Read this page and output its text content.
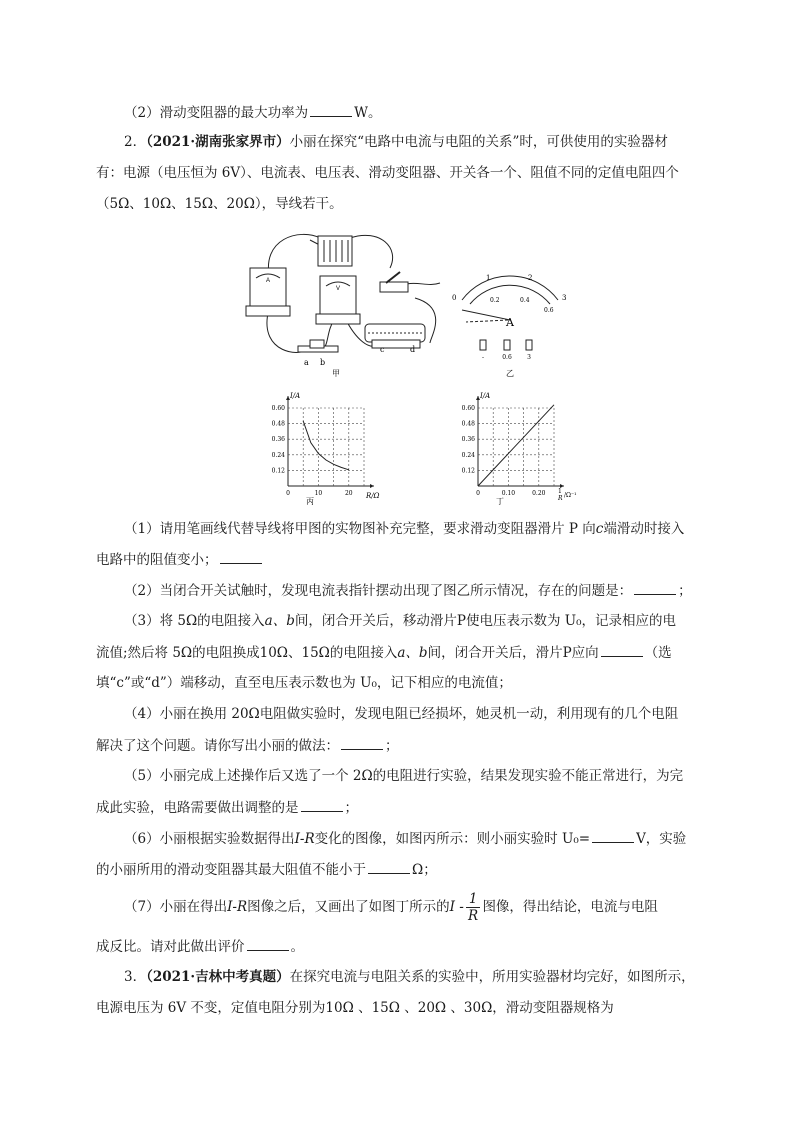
（2）滑动变阻器的最大功率为	W。
2．（2021·湖南张家界市）小丽在探究“电路中电流与电阻的关系”时，可供使用的实验器材
有：电源（电压恒为 6V）、电流表、电压表、滑动变阻器、开关各一个、阻值不同的定值电阻四个
（5Ω、10Ω、15Ω、20Ω），导线若干。
A
V
a b
c	d
甲
0
1	2
3
0.2	0.4
0.6
A
-	0.6	3
乙
0.60
0.48
0.36
0.24
0.12
0	10	20
I/A
R/Ω
丙
0.60
0.48
0.36
0.24
0.12
0	0.10	0.20
I/A
1
R /Ω⁻¹
丁
（1）请用笔画线代替导线将甲图的实物图补充完整，要求滑动变阻器滑片 P 向c端滑动时接入
电路中的阻值变小；
（2）当闭合开关试触时，发现电流表指针摆动出现了图乙所示情况，存在的问题是：	；
（3）将 5Ω的电阻接入a、b间，闭合开关后，移动滑片P使电压表示数为 U₀，记录相应的电
流值;然后将 5Ω的电阻换成10Ω、15Ω的电阻接入a、b间，闭合开关后，滑片P应向	（选
填“c”或“d”）端移动，直至电压表示数也为 U₀，记下相应的电流值；
（4）小丽在换用 20Ω电阻做实验时，发现电阻已经损坏，她灵机一动，利用现有的几个电阻
解决了这个问题。请你写出小丽的做法：	；
（5）小丽完成上述操作后又选了一个 2Ω的电阻进行实验，结果发现实验不能正常进行，为完
成此实验，电路需要做出调整的是	；
（6）小丽根据实验数据得出I-R变化的图像，如图丙所示：则小丽实验时 U₀=	V，实验
的小丽所用的滑动变阻器其最大阻值不能小于	Ω；
（7）小丽在得出I-R图像之后，又画出了如图丁所示的I - $\frac{1}{R}$ 图像，得出结论，电流与电阻
成反比。请对此做出评价	。
3．（2021·吉林中考真题）在探究电流与电阻关系的实验中，所用实验器材均完好，如图所示，
电源电压为 6V 不变，定值电阻分别为10Ω 、15Ω 、20Ω 、30Ω，滑动变阻器规格为
